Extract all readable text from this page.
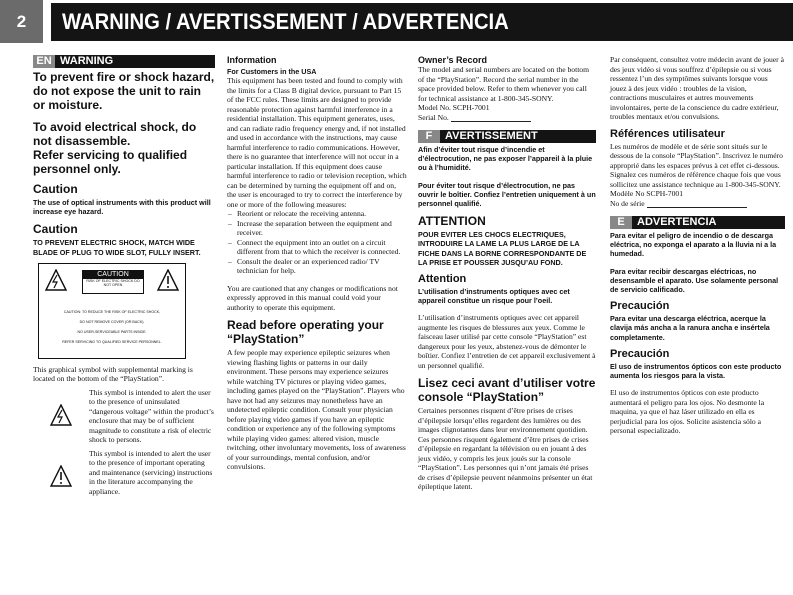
2	WARNING / AVERTISSEMENT / ADVERTENCIA
EN WARNING

To prevent fire or shock hazard, do not expose the unit to rain or moisture.

To avoid electrical shock, do not disassemble.

Refer servicing to qualified personnel only.

Caution

The use of optical instruments with this product will increase eye hazard.

Caution

TO PREVENT ELECTRIC SHOCK, MATCH WIDE BLADE OF PLUG TO WIDE SLOT, FULLY INSERT.

CAUTION
RISK OF ELECTRIC SHOCK DO NOT OPEN
CAUTION: TO REDUCE THE RISK OF ELECTRIC SHOCK,
DO NOT REMOVE COVER (OR BACK).
NO USER-SERVICEABLE PARTS INSIDE.
REFER SERVICING TO QUALIFIED SERVICE PERSONNEL.

This graphical symbol with supplemental marking is located on the bottom of the “PlayStation”.

This symbol is intended to alert the user to the presence of uninsulated “dangerous voltage” within the product’s enclosure that may be of sufficient magnitude to constitute a risk of electric shock to persons.

This symbol is intended to alert the user to the presence of important operating and maintenance (servicing) instructions in the literature accompanying the appliance.

Information
For Customers in the USA

This equipment has been tested and found to comply with the limits for a Class B digital device, pursuant to Part 15 of the FCC rules. These limits are designed to provide reasonable protection against harmful interference in a residential installation. This equipment generates, uses, and can radiate radio frequency energy and, if not installed and used in accordance with the instructions, may cause harmful interference to radio communications. However, there is no guarantee that interference will not occur in a particular installation. If this equipment does cause harmful interference to radio or television reception, which can be determined by turning the equipment off and on, the user is encouraged to try to correct the interference by one or more of the following measures:

– Reorient or relocate the receiving antenna.
– Increase the separation between the equipment and receiver.
– Connect the equipment into an outlet on a circuit different from that to which the receiver is connected.
– Consult the dealer or an experienced radio/ TV technician for help.

You are cautioned that any changes or modifications not expressly approved in this manual could void your authority to operate this equipment.

Read before operating your “PlayStation”

A few people may experience epileptic seizures when viewing flashing lights or patterns in our daily environment. These persons may experience seizures while watching TV pictures or playing video games, including games played on the “PlayStation”. Players who have not had any seizures may nonetheless have an undetected epileptic condition. Consult your physician before playing video games if you have an epileptic condition or experience any of the following symptoms while playing video games: altered vision, muscle twitching, other involuntary movements, loss of awareness of your surroundings, mental confusion, and/or convulsions.

Owner’s Record

The model and serial numbers are located on the bottom of the “PlayStation”. Record the serial number in the space provided below. Refer to them whenever you call for technical assistance at 1-800-345-SONY.

Model No. SCPH-7001

Serial No.

F	AVERTISSEMENT

Afin d’éviter tout risque d’incendie et d’électrocution, ne pas exposer l’appareil à la pluie ou à l’humidité.

Pour éviter tout risque d’électrocution, ne pas ouvrir le boîtier. Confiez l’entretien uniquement à un personnel qualifié.

ATTENTION

POUR EVITER LES CHOCS ELECTRIQUES, INTRODUIRE LA LAME LA PLUS LARGE DE LA FICHE DANS LA BORNE CORRESPONDANTE DE LA PRISE ET POUSSER JUSQU’AU FOND.

Attention

L’utilisation d’instruments optiques avec cet appareil constitue un risque pour l’oeil.

L’utilisation d’instruments optiques avec cet appareil augmente les risques de blessures aux yeux. Comme le faisceau laser utilisé par cette console “PlayStation” est dangereux pour les yeux, abstenez-vous de démonter le boîtier. Confiez l’entretien de cet appareil exclusivement à un personnel qualifié.

Lisez ceci avant d’utiliser votre console “PlayStation”

Certaines personnes risquent d’être prises de crises d’épilepsie lorsqu’elles regardent des lumières ou des images clignotantes dans leur environnement quotidien. Ces personnes risquent également d’être prises de crises d’épilepsie en regardant la télévision ou en jouant à des jeux vidéo, y compris les jeux joués sur la console “PlayStation”. Les personnes qui n’ont jamais été prises de crises d’épilepsie peuvent néanmoins présenter un état épileptique latent.

Par conséquent, consultez votre médecin avant de jouer à des jeux vidéo si vous souffrez d’épilepsie ou si vous ressentez l’un des symptômes suivants lorsque vous jouez à des jeux vidéo : troubles de la vision, contractions musculaires et autres mouvements involontaires, perte de la conscience du cadre extérieur, troubles mentaux et/ou convulsions.

Références utilisateur

Les numéros de modèle et de série sont situés sur le dessous de la console “PlayStation”. Inscrivez le numéro approprié dans les espaces prévus à cet effet ci-dessous. Signalez ces numéros de référence chaque fois que vous sollicitez une assistance technique au 1-800-345-SONY.

Modèle No SCPH-7001

No de série

E	ADVERTENCIA

Para evitar el peligro de incendio o de descarga eléctrica, no exponga el aparato a la lluvia ni a la humedad.

Para evitar recibir descargas eléctricas, no desensamble el aparato. Use solamente personal de servicio calificado.

Precaución

Para evitar una descarga eléctrica, acerque la clavija más ancha a la ranura ancha e insértela completamente.

Precaución

El uso de instrumentos ópticos con este producto aumenta los riesgos para la vista.

El uso de instrumentos ópticos con este producto aumentará el peligro para los ojos. No desmonte la maquina, ya que el haz láser utilizado en ella es perjudicial para los ojos. Solicite asistencia sólo a personal especializado.
